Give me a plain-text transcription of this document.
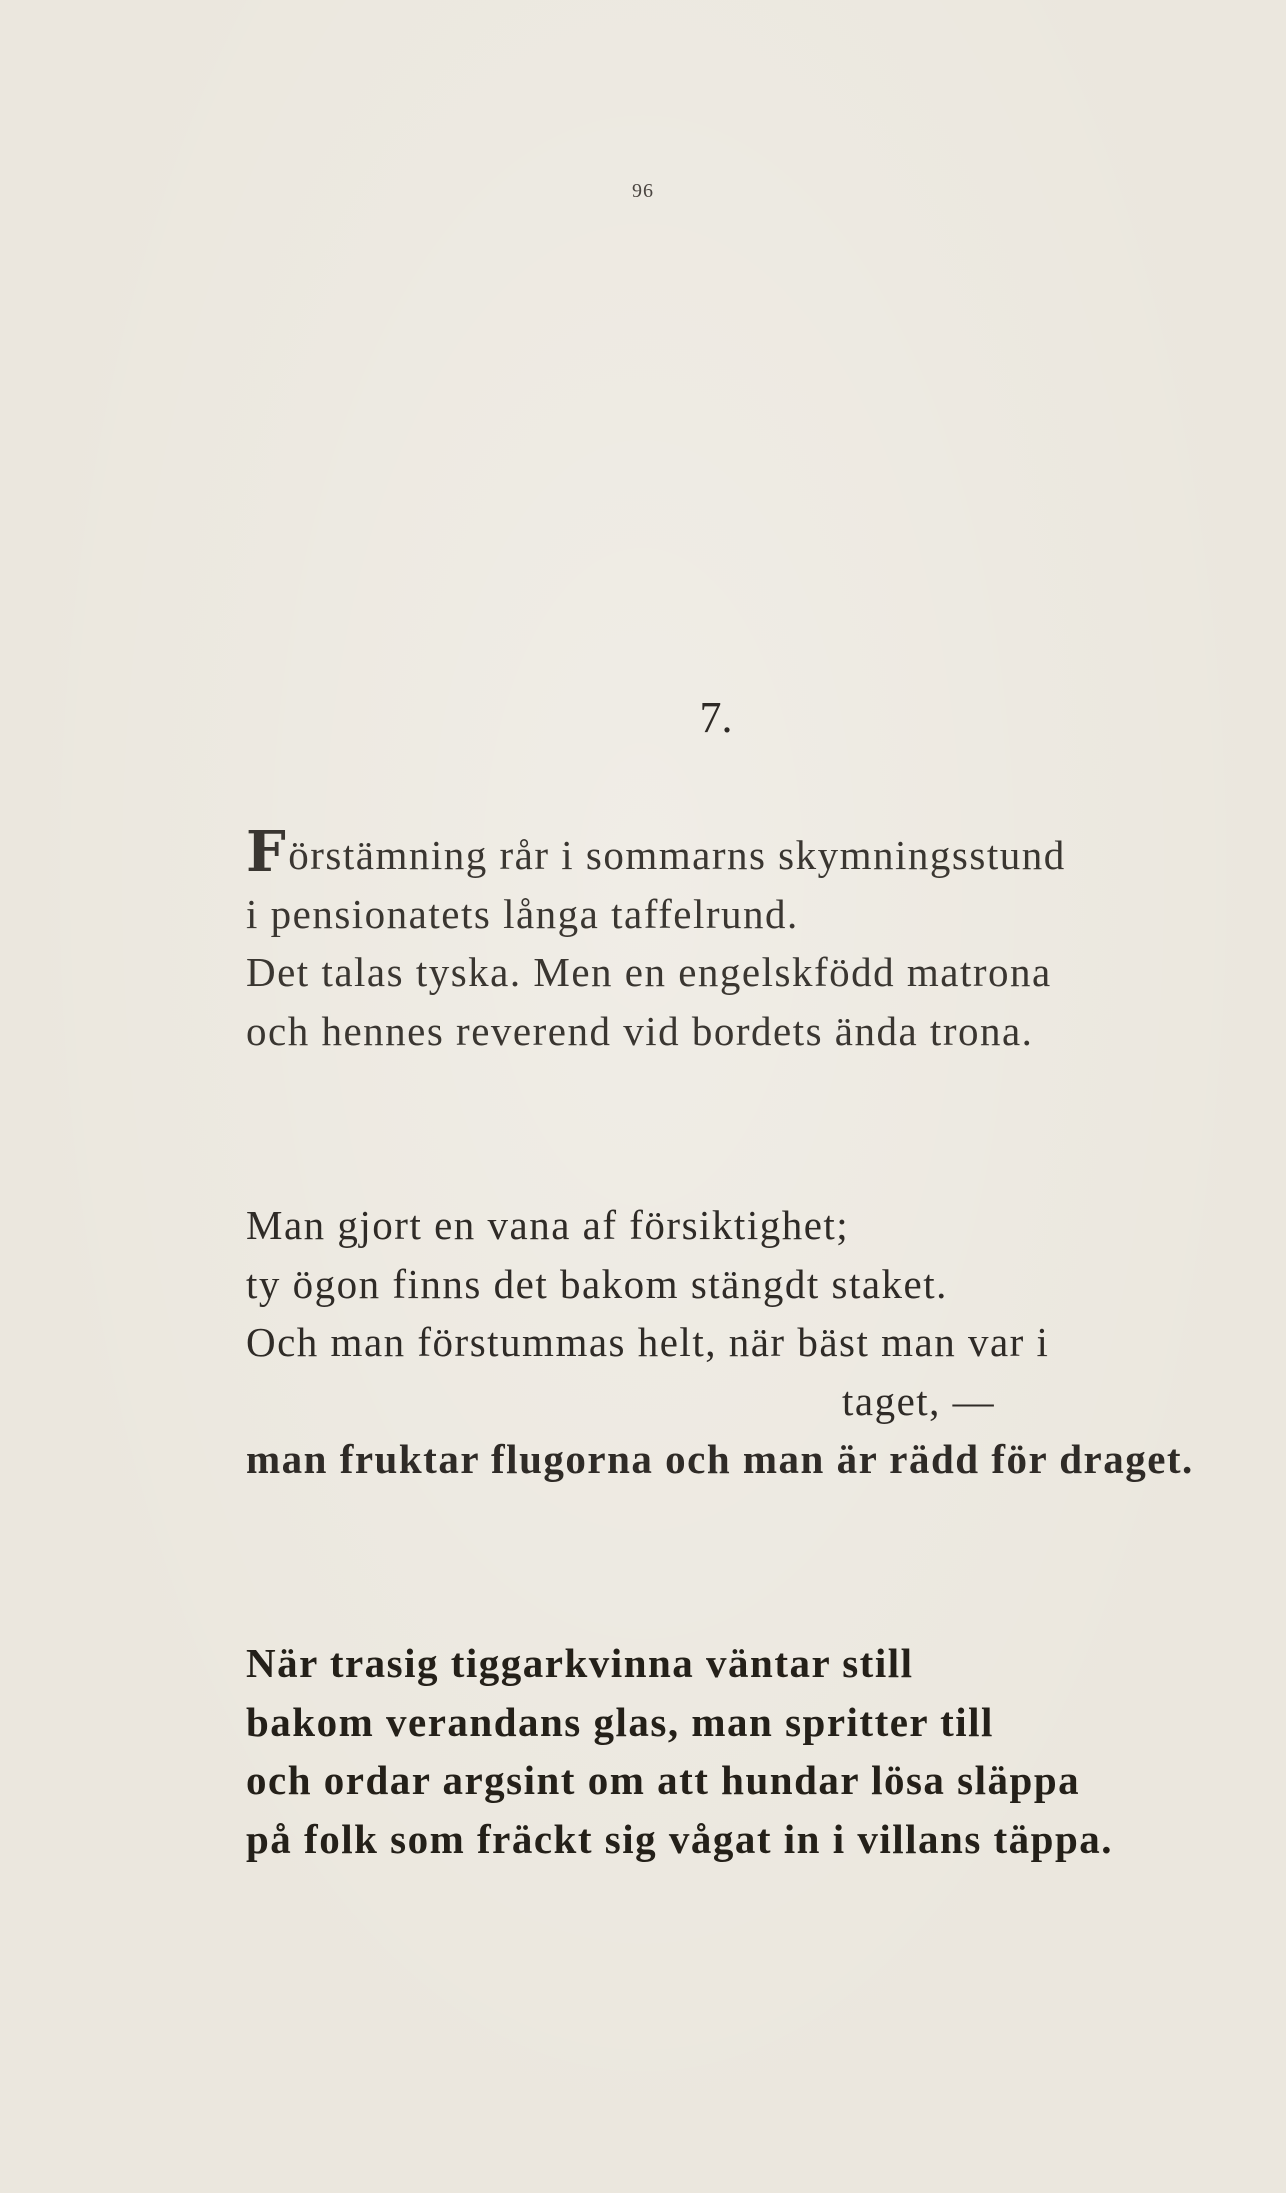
96
7.
Förstämning rår i sommarns skymningsstund
i pensionatets långa taffelrund.
Det talas tyska. Men en engelskfödd matrona
och hennes reverend vid bordets ända trona.
Man gjort en vana af försiktighet;
ty ögon finns det bakom stängdt staket.
Och man förstummas helt, när bäst man var i
taget, —
man fruktar flugorna och man är rädd för draget.
När trasig tiggarkvinna väntar still
bakom verandans glas, man spritter till
och ordar argsint om att hundar lösa släppa
på folk som fräckt sig vågat in i villans täppa.
